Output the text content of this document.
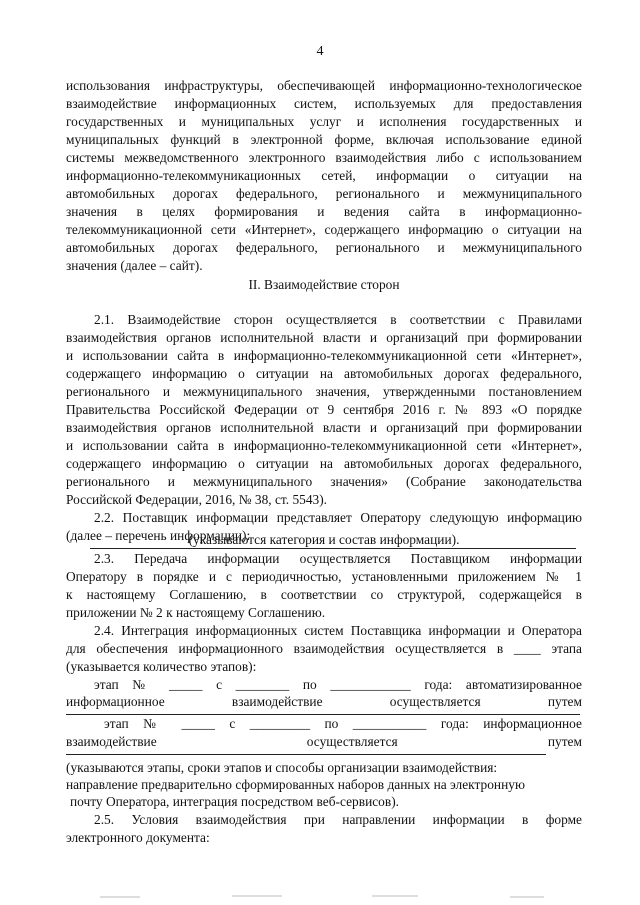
4
использования инфраструктуры, обеспечивающей информационно-технологическое
взаимодействие информационных систем, используемых для предоставления
государственных и муниципальных услуг и исполнения государственных и
муниципальных функций в электронной форме, включая использование единой
системы межведомственного электронного взаимодействия либо с использованием
информационно-телекоммуникационных сетей, информации о ситуации на
автомобильных дорогах федерального, регионального и межмуниципального
значения в целях формирования и ведения сайта в информационно-
телекоммуникационной сети «Интернет», содержащего информацию о ситуации на
автомобильных дорогах федерального, регионального и межмуниципального
значения (далее – сайт).
II. Взаимодействие сторон
2.1. Взаимодействие сторон осуществляется в соответствии с Правилами
взаимодействия органов исполнительной власти и организаций при формировании
и использовании сайта в информационно-телекоммуникационной сети «Интернет»,
содержащего информацию о ситуации на автомобильных дорогах федерального,
регионального и межмуниципального значения, утвержденными постановлением
Правительства Российской Федерации от 9 сентября 2016 г. № 893 «О порядке
взаимодействия органов исполнительной власти и организаций при формировании
и использовании сайта в информационно-телекоммуникационной сети «Интернет»,
содержащего информацию о ситуации на автомобильных дорогах федерального,
регионального и межмуниципального значения» (Собрание законодательства
Российской Федерации, 2016, № 38, ст. 5543).
2.2. Поставщик информации представляет Оператору следующую информацию
(далее – перечень информации):
(указываются категория и состав информации).
2.3. Передача информации осуществляется Поставщиком информации
Оператору в порядке и с периодичностью, установленными приложением № 1
к настоящему Соглашению, в соответствии со структурой, содержащейся в
приложении № 2 к настоящему Соглашению.
2.4. Интеграция информационных систем Поставщика информации и Оператора
для обеспечения информационного взаимодействия осуществляется в ____ этапа
(указывается количество этапов):
этап № _____ с ________ по ____________ года: автоматизированное
информационное	взаимодействие	осуществляется	путем
этап № _____ с _________ по ___________ года: информационное
взаимодействие	осуществляется	путем
(указываются этапы, сроки этапов и способы организации взаимодействия:
направление предварительно сформированных наборов данных на электронную
почту Оператора, интеграция посредством веб-сервисов).
2.5. Условия взаимодействия при направлении информации в форме
электронного документа:
